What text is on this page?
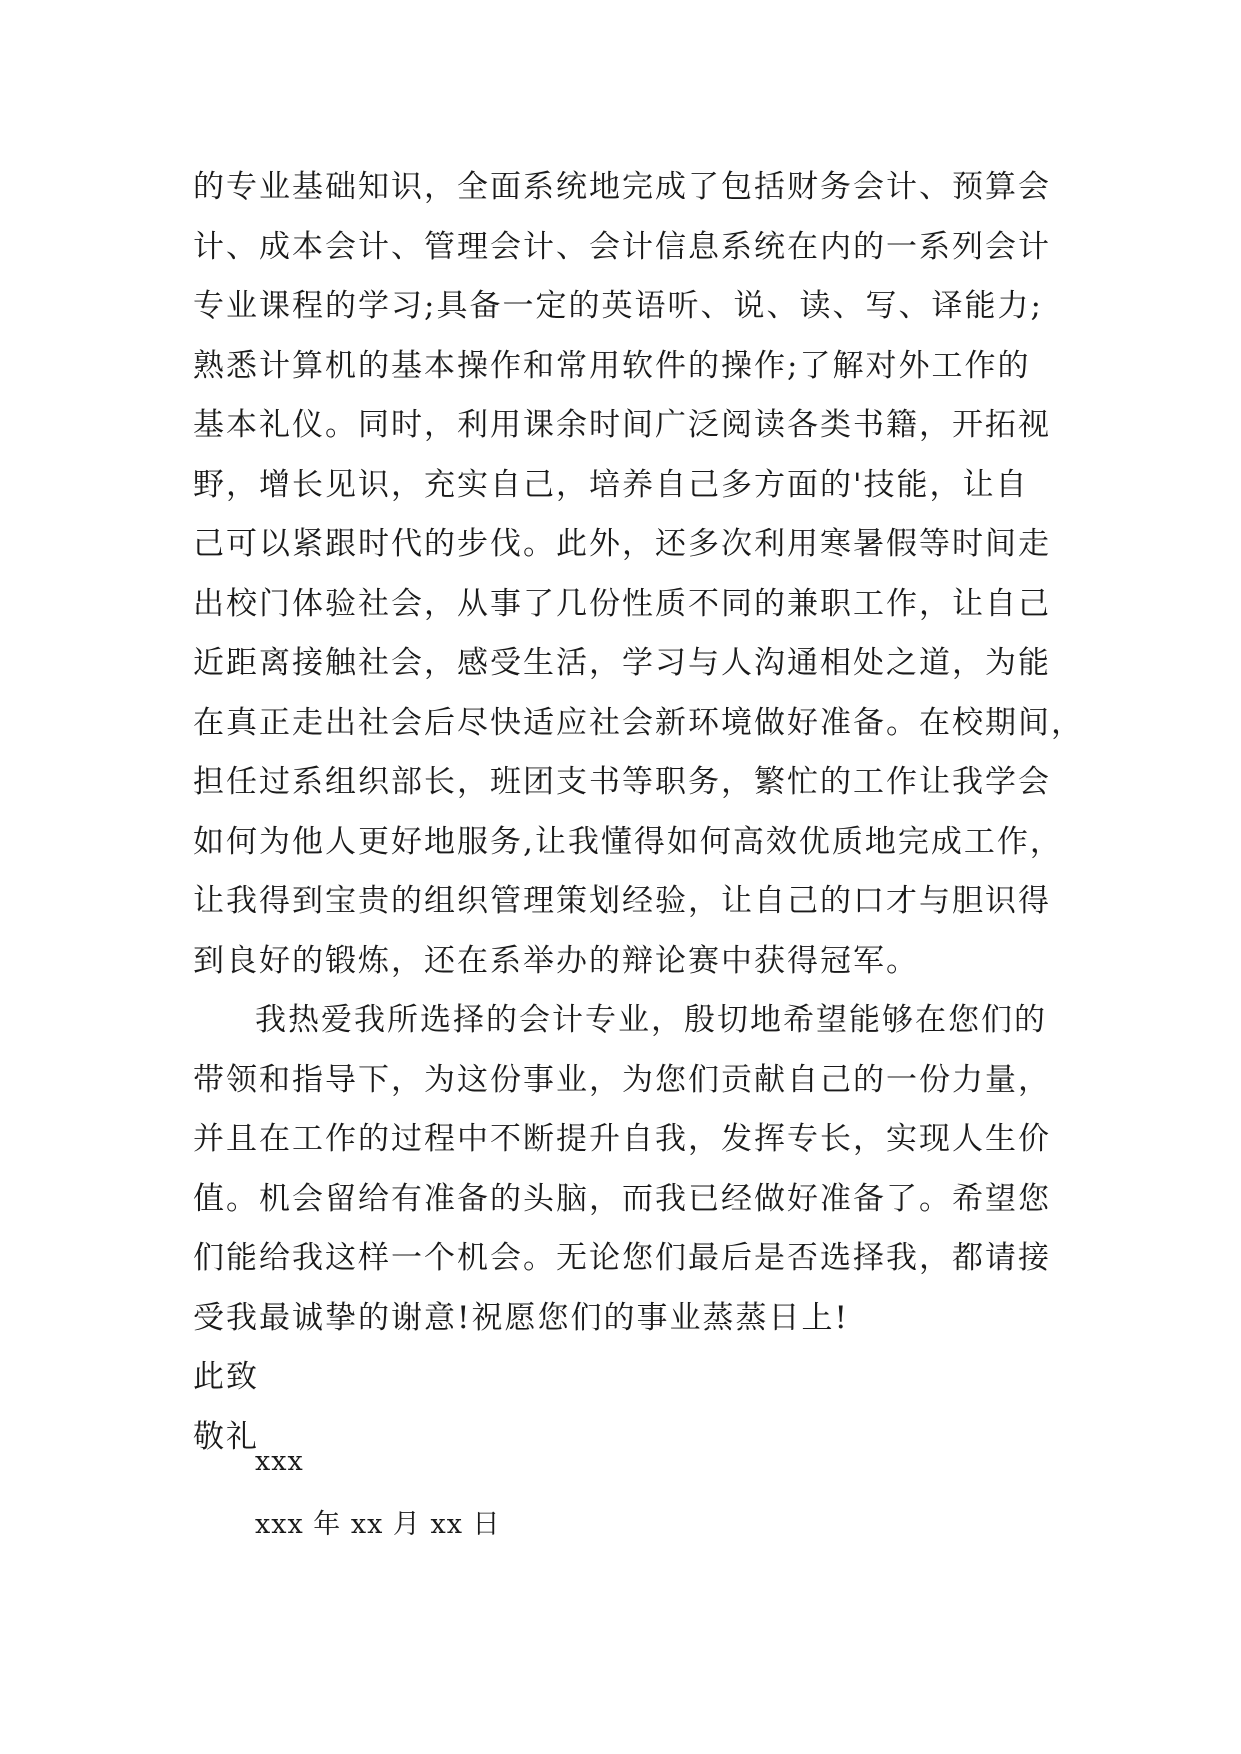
的专业基础知识，全面系统地完成了包括财务会计、预算会
计、成本会计、管理会计、会计信息系统在内的一系列会计
专业课程的学习;具备一定的英语听、说、读、写、译能力;
熟悉计算机的基本操作和常用软件的操作;了解对外工作的
基本礼仪。同时，利用课余时间广泛阅读各类书籍，开拓视
野，增长见识，充实自己，培养自己多方面的'技能，让自
己可以紧跟时代的步伐。此外，还多次利用寒暑假等时间走
出校门体验社会，从事了几份性质不同的兼职工作，让自己
近距离接触社会，感受生活，学习与人沟通相处之道，为能
在真正走出社会后尽快适应社会新环境做好准备。在校期间，
担任过系组织部长，班团支书等职务，繁忙的工作让我学会
如何为他人更好地服务,让我懂得如何高效优质地完成工作，
让我得到宝贵的组织管理策划经验，让自己的口才与胆识得
到良好的锻炼，还在系举办的辩论赛中获得冠军。
我热爱我所选择的会计专业，殷切地希望能够在您们的
带领和指导下，为这份事业，为您们贡献自己的一份力量，
并且在工作的过程中不断提升自我，发挥专长，实现人生价
值。机会留给有准备的头脑，而我已经做好准备了。希望您
们能给我这样一个机会。无论您们最后是否选择我，都请接
受我最诚挚的谢意!祝愿您们的事业蒸蒸日上!
此致
敬礼
xxx
xxx 年 xx 月 xx 日
